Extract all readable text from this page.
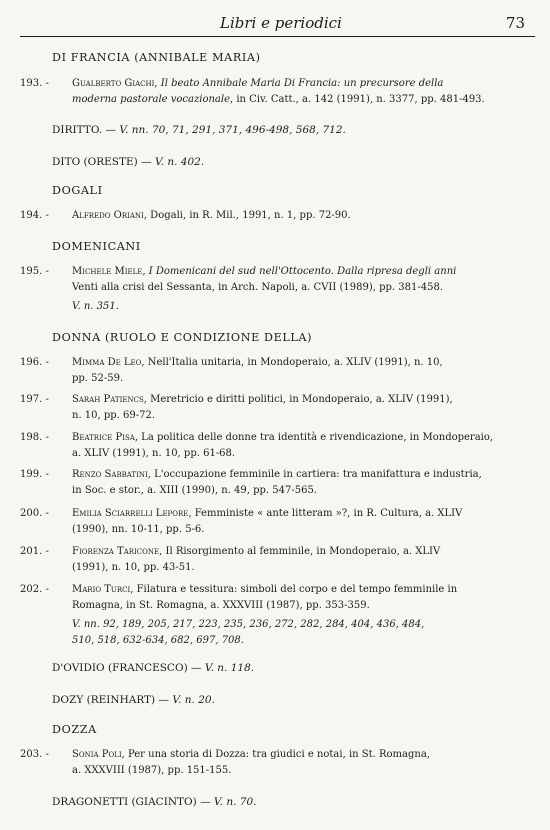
Libri e periodici	73
DI FRANCIA (ANNIBALE MARIA)
193. - Gualberto Giachi, Il beato Annibale Maria Di Francia: un precursore della
moderna pastorale vocazionale, in Civ. Catt., a. 142 (1991), n. 3377, pp. 481-493.
DIRITTO. — V. nn. 70, 71, 291, 371, 496-498, 568, 712.
DITO (ORESTE) — V. n. 402.
DOGALI
194. - Alfredo Oriani, Dogali, in R. Mil., 1991, n. 1, pp. 72-90.
DOMENICANI
195. - Michele Miele, I Domenicani del sud nell'Ottocento. Dalla ripresa degli anni
Venti alla crisi del Sessanta, in Arch. Napoli, a. CVII (1989), pp. 381-458.
V. n. 351.
DONNA (RUOLO E CONDIZIONE DELLA)
196. - Mimma De Leo, Nell'Italia unitaria, in Mondoperaio, a. XLIV (1991), n. 10,
pp. 52-59.
197. - Sarah Patiencs, Meretricio e diritti politici, in Mondoperaio, a. XLIV (1991),
n. 10, pp. 69-72.
198. - Beatrice Pisa, La politica delle donne tra identità e rivendicazione, in Mondoperaio,
a. XLIV (1991), n. 10, pp. 61-68.
199. - Renzo Sabbatini, L'occupazione femminile in cartiera: tra manifattura e industria,
in Soc. e stor., a. XIII (1990), n. 49, pp. 547-565.
200. - Emilia Sciarrelli Lepore, Femministe « ante litteram »?, in R. Cultura, a. XLIV
(1990), nn. 10-11, pp. 5-6.
201. - Fiorenza Taricone, Il Risorgimento al femminile, in Mondoperaio, a. XLIV
(1991), n. 10, pp. 43-51.
202. - Mario Turci, Filatura e tessitura: simboli del corpo e del tempo femminile in
Romagna, in St. Romagna, a. XXXVIII (1987), pp. 353-359.
V. nn. 92, 189, 205, 217, 223, 235, 236, 272, 282, 284, 404, 436, 484,
510, 518, 632-634, 682, 697, 708.
D'OVIDIO (FRANCESCO) — V. n. 118.
DOZY (REINHART) — V. n. 20.
DOZZA
203. - Sonia Poli, Per una storia di Dozza: tra giudici e notai, in St. Romagna,
a. XXXVIII (1987), pp. 151-155.
DRAGONETTI (GIACINTO) — V. n. 70.
